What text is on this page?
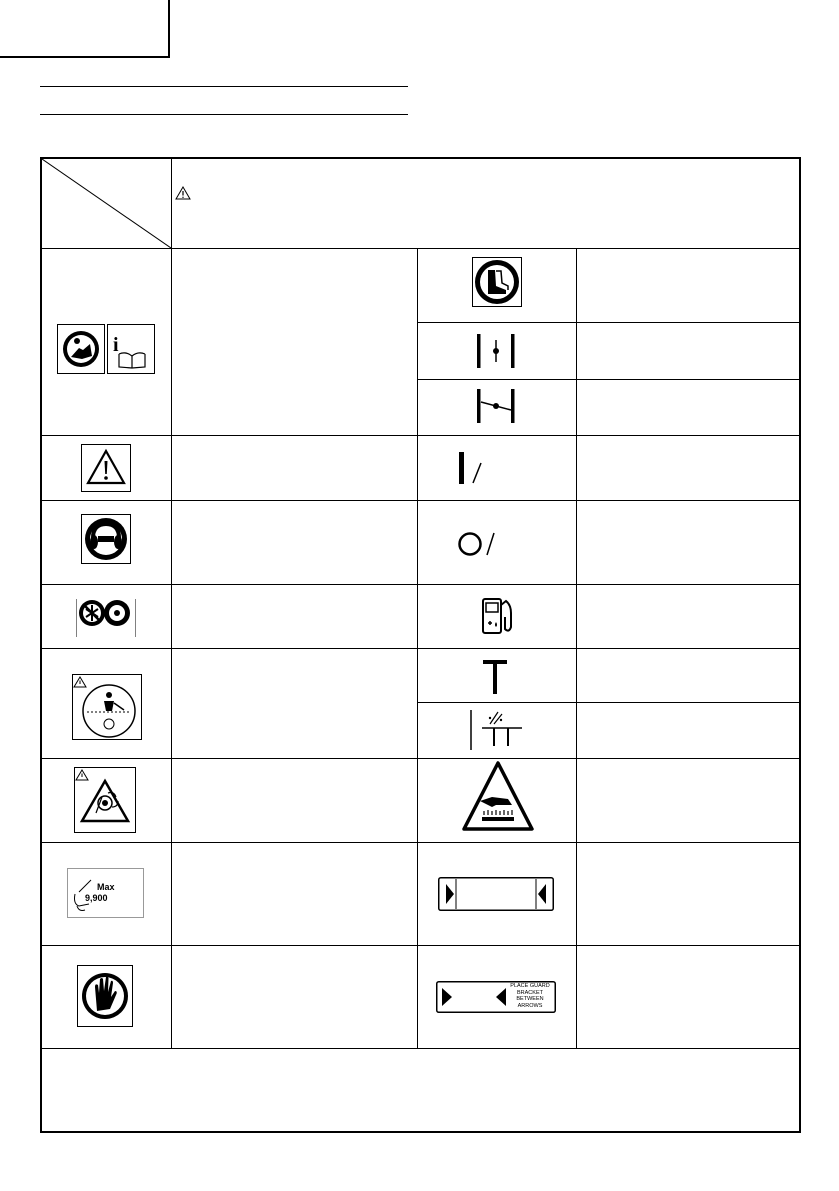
i
Max
9,900
PLACE GUARD
BRACKET
BETWEEN
ARROWS
